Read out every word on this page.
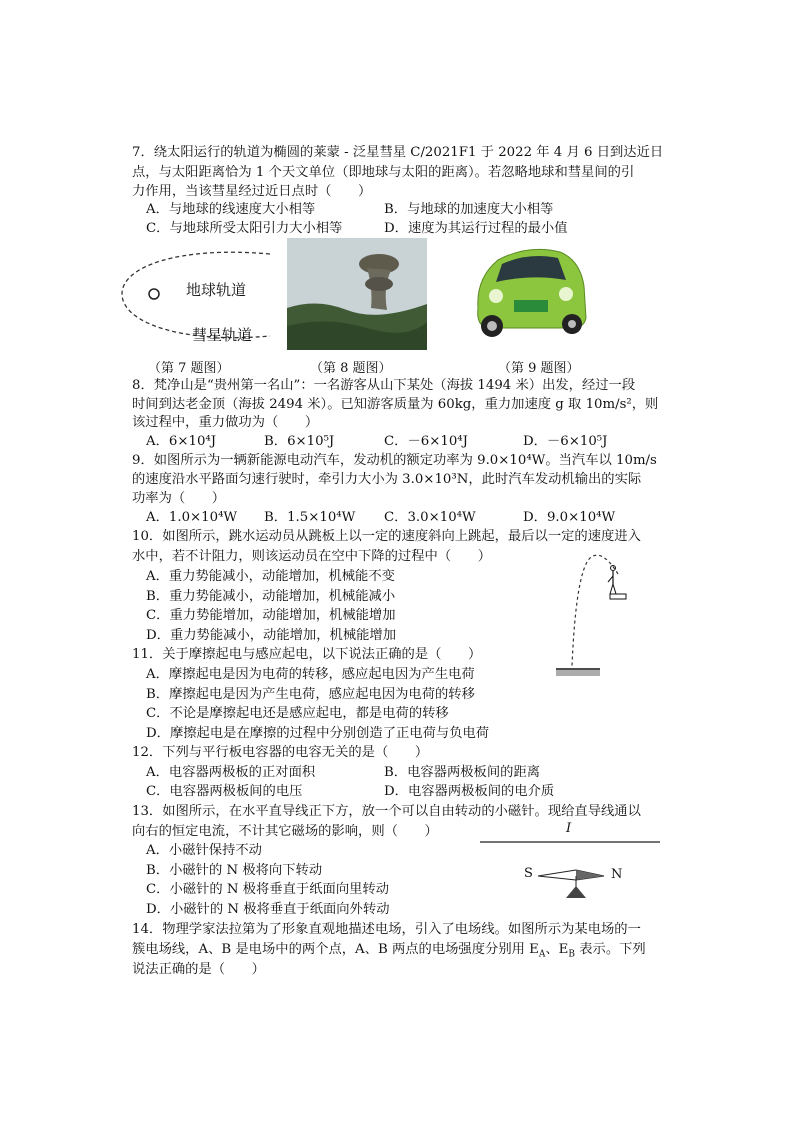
7．绕太阳运行的轨道为椭圆的莱蒙 - 泛星彗星 C/2021F1 于 2022 年 4 月 6 日到达近日
点，与太阳距离恰为 1 个天文单位（即地球与太阳的距离）。若忽略地球和彗星间的引
力作用，当该彗星经过近日点时（　　）
A．与地球的线速度大小相等	B．与地球的加速度大小相等
C．与地球所受太阳引力大小相等	D．速度为其运行过程的最小值
地球轨道
彗星轨道
（第 7 题图）	（第 8 题图）	（第 9 题图）
8．梵净山是“贵州第一名山”：一名游客从山下某处（海拔 1494 米）出发，经过一段
时间到达老金顶（海拔 2494 米）。已知游客质量为 60kg，重力加速度 g 取 10m/s²，则
该过程中，重力做功为（　　）
A．6×10⁴J	B．6×10⁵J	C．－6×10⁴J	D．－6×10⁵J
9．如图所示为一辆新能源电动汽车，发动机的额定功率为 9.0×10⁴W。当汽车以 10m/s
的速度沿水平路面匀速行驶时，牵引力大小为 3.0×10³N，此时汽车发动机输出的实际
功率为（　　）
A．1.0×10⁴W B．1.5×10⁴W C．3.0×10⁴W	D．9.0×10⁴W
10．如图所示，跳水运动员从跳板上以一定的速度斜向上跳起，最后以一定的速度进入
水中，若不计阻力，则该运动员在空中下降的过程中（　　）
A．重力势能减小，动能增加，机械能不变
B．重力势能减小，动能增加，机械能减小
C．重力势能增加，动能增加，机械能增加
D．重力势能减小，动能增加，机械能增加
11．关于摩擦起电与感应起电，以下说法正确的是（　　）
A．摩擦起电是因为电荷的转移，感应起电因为产生电荷
B．摩擦起电是因为产生电荷，感应起电因为电荷的转移
C．不论是摩擦起电还是感应起电，都是电荷的转移
D．摩擦起电是在摩擦的过程中分别创造了正电荷与负电荷
12．下列与平行板电容器的电容无关的是（　　）
A．电容器两极板的正对面积	B．电容器两极板间的距离
C．电容器两极板间的电压	D．电容器两极板间的电介质
13．如图所示，在水平直导线正下方，放一个可以自由转动的小磁针。现给直导线通以
向右的恒定电流，不计其它磁场的影响，则（　　）
A．小磁针保持不动
B．小磁针的 N 极将向下转动
C．小磁针的 N 极将垂直于纸面向里转动
D．小磁针的 N 极将垂直于纸面向外转动
I
S	N
14．物理学家法拉第为了形象直观地描述电场，引入了电场线。如图所示为某电场的一
簇电场线，A、B 是电场中的两个点，A、B 两点的电场强度分别用 $E_A$、$E_B$ 表示。下列
说法正确的是（　　）
